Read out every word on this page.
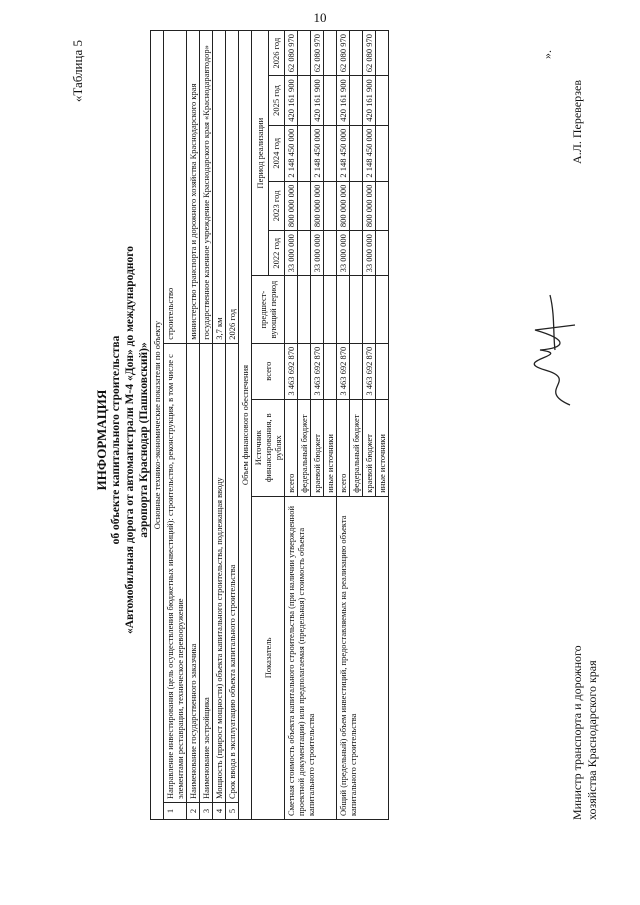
10
«Таблица 5
ИНФОРМАЦИЯ об объекте капитального строительства «Автомобильная дорога от автомагистрали М-4 «Дон» до международного аэропорта Краснодар (Пашковский)» Основные технико-экономические показатели по объекту									
1	Направление инвестирования (цель осуществления бюджетных инвестиций): строительство, реконструкция, в том числе с элементами реставрации, техническое перевооружение			строительство					
2	Наименование государственного заказчика			министерство транспорта и дорожного хозяйства Краснодарского края					
3	Наименование застройщика			государственное казенное учреждение Краснодарского края «Краснодаравтодор»					
4	Мощность (прирост мощности) объекта капитального строительства, подлежащая вводу			3,7 км					
5	Срок ввода в эксплуатацию объекта капитального строительства			2026 год					
Объем финансового обеспечения									
Показатель		Источник финансирования, в рублях	всего	предшест-вующий период	Период реализации				
					2022 год	2023 год	2024 год	2025 год	2026 год
Сметная стоимость объекта капитального строительства (при наличии утвержденной проектной документации) или предполагаемая (предельная) стоимость объекта капитального строительства		всего	3 463 692 870		33 000 000	800 000 000	2 148 450 000	420 161 900	62 080 970
		федеральный бюджет							
		краевой бюджет	3 463 692 870		33 000 000	800 000 000	2 148 450 000	420 161 900	62 080 970
		иные источники							
Общий (предельный) объем инвестиций, предоставляемых на реализацию объекта капитального строительства		всего	3 463 692 870		33 000 000	800 000 000	2 148 450 000	420 161 900	62 080 970
		федеральный бюджет							
		краевой бюджет	3 463 692 870		33 000 000	800 000 000	2 148 450 000	420 161 900	62 080 970
		иные источники							
».
Министр транспорта и дорожного хозяйства Краснодарского края
А.Л. Переверзев
